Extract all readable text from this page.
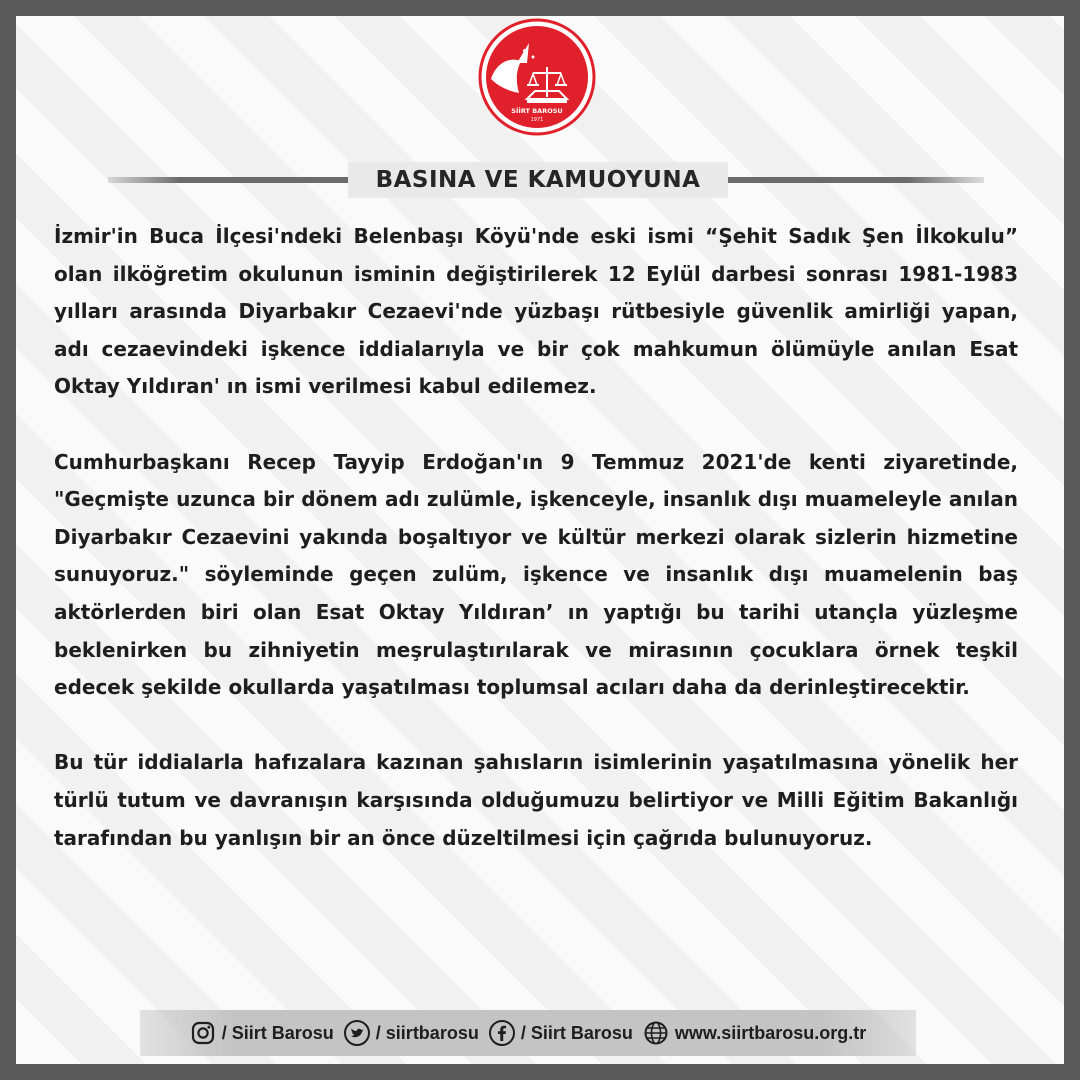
SİİRT BAROSU
1971
BASINA VE KAMUOYUNA

İzmir'in Buca İlçesi'ndeki Belenbaşı Köyü'nde eski ismi “Şehit Sadık Şen İlkokulu” olan ilköğretim okulunun isminin değiştirilerek 12 Eylül darbesi sonrası 1981-1983 yılları arasında Diyarbakır Cezaevi'nde yüzbaşı rütbesiyle güvenlik amirliği yapan, adı cezaevindeki işkence iddialarıyla ve bir çok mahkumun ölümüyle anılan Esat Oktay Yıldıran' ın ismi verilmesi kabul edilemez.

Cumhurbaşkanı Recep Tayyip Erdoğan'ın 9 Temmuz 2021'de kenti ziyaretinde, "Geçmişte uzunca bir dönem adı zulümle, işkenceyle, insanlık dışı muameleyle anılan Diyarbakır Cezaevini yakında boşaltıyor ve kültür merkezi olarak sizlerin hizmetine sunuyoruz." söyleminde geçen zulüm, işkence ve insanlık dışı muamelenin baş aktörlerden biri olan Esat Oktay Yıldıran’ ın yaptığı bu tarihi utançla yüzleşme beklenirken bu zihniyetin meşrulaştırılarak ve mirasının çocuklara örnek teşkil edecek şekilde okullarda yaşatılması toplumsal acıları daha da derinleştirecektir.

Bu tür iddialarla hafızalara kazınan şahısların isimlerinin yaşatılmasına yönelik her türlü tutum ve davranışın karşısında olduğumuzu belirtiyor ve Milli Eğitim Bakanlığı tarafından bu yanlışın bir an önce düzeltilmesi için çağrıda bulunuyoruz.

/ Siirt Barosu / siirtbarosu / Siirt Barosu www.siirtbarosu.org.tr
